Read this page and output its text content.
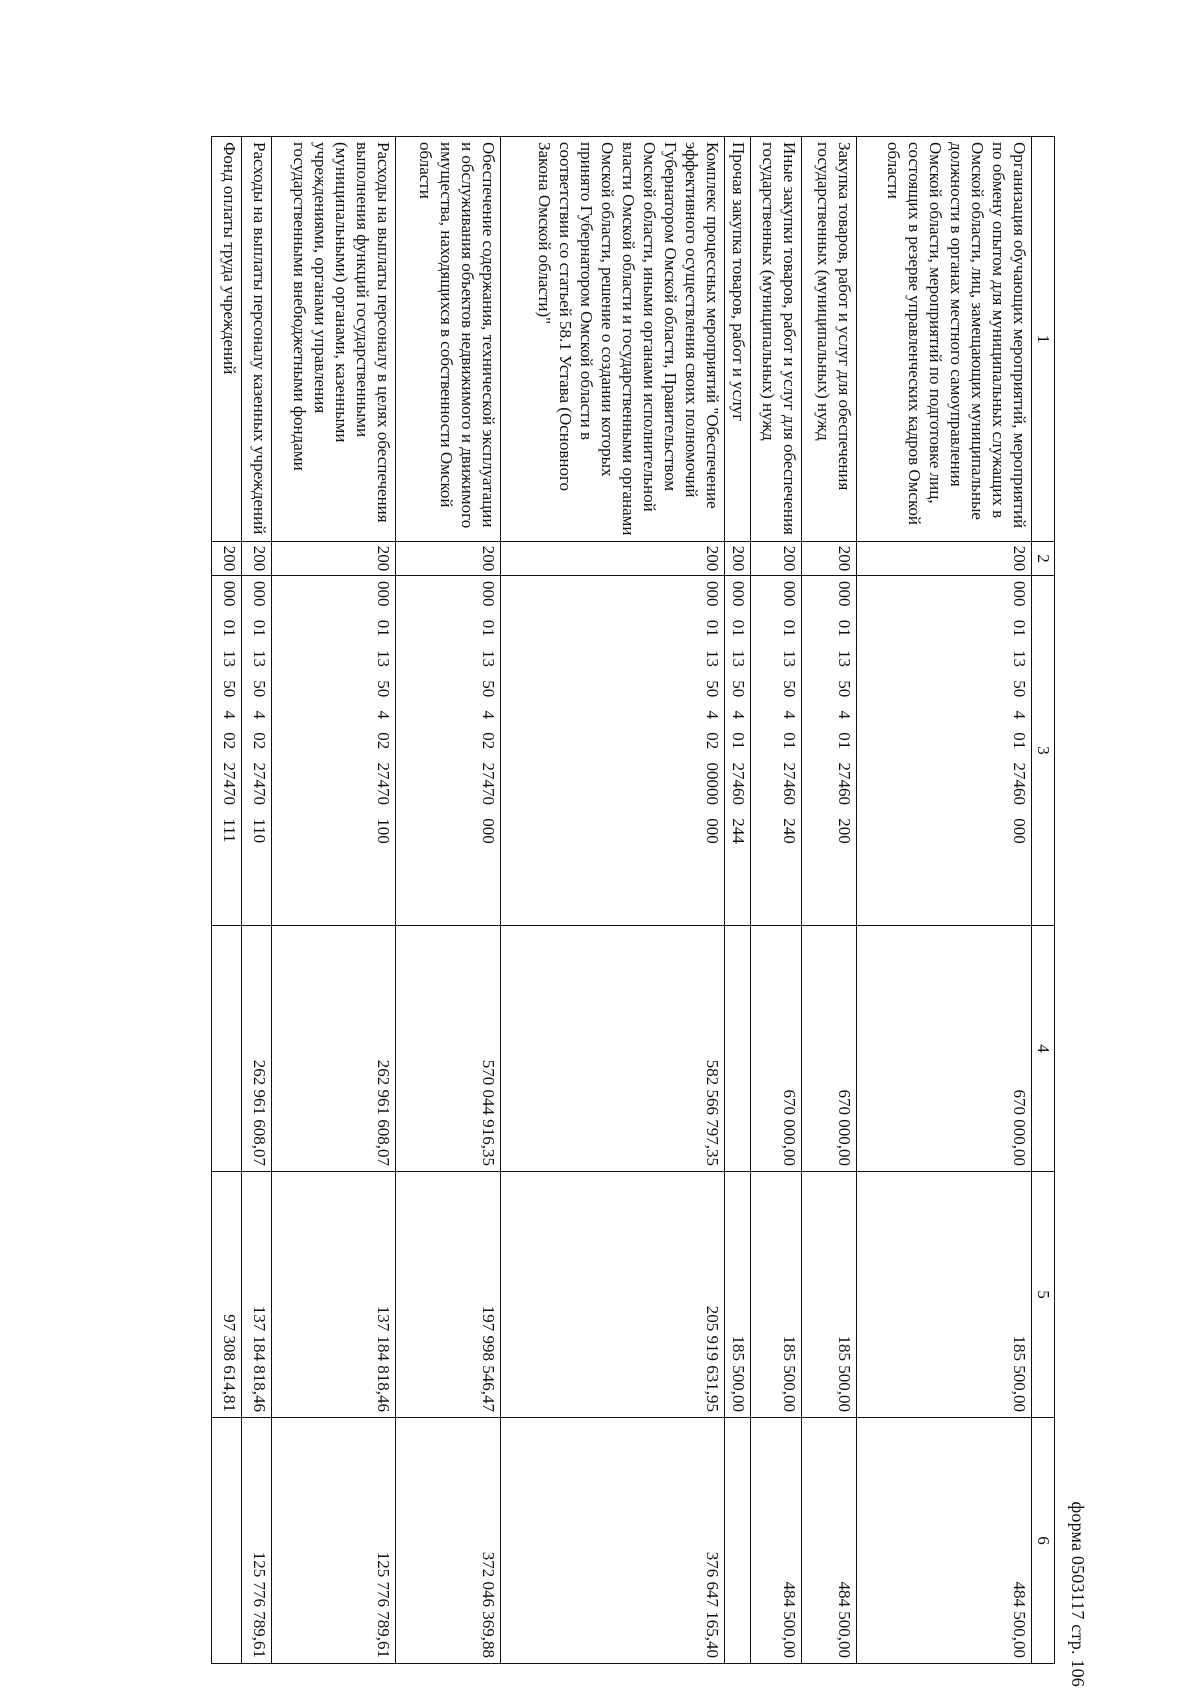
форма 0503117 стр. 106
1	2	3	4	5	6
Организация обучающих мероприятий, мероприятий по обмену опытом для муниципальных служащих в Омской области, лиц, замещающих муниципальные должности в органах местного самоуправления Омской области, мероприятий по подготовке лиц, состоящих в резерве управленческих кадров Омской области	200	000 01 13 50 4 01 27460 000	670 000,00	185 500,00	484 500,00
Закупка товаров, работ и услуг для обеспечения государственных (муниципальных) нужд	200	000 01 13 50 4 01 27460 200	670 000,00	185 500,00	484 500,00
Иные закупки товаров, работ и услуг для обеспечения государственных (муниципальных) нужд	200	000 01 13 50 4 01 27460 240	670 000,00	185 500,00	484 500,00
Прочая закупка товаров, работ и услуг	200	000 01 13 50 4 01 27460 244		185 500,00	
Комплекс процессных мероприятий "Обеспечение эффективного осуществления своих полномочий Губернатором Омской области, Правительством Омской области, иными органами исполнительной власти Омской области и государственными органами Омской области, решение о создании которых принято Губернатором Омской области в соответствии со статьей 58.1 Устава (Основного Закона Омской области)"	200	000 01 13 50 4 02 00000 000	582 566 797,35	205 919 631,95	376 647 165,40
Обеспечение содержания, технической эксплуатации и обслуживания объектов недвижимого и движимого имущества, находящихся в собственности Омской области	200	000 01 13 50 4 02 27470 000	570 044 916,35	197 998 546,47	372 046 369,88
Расходы на выплаты персоналу в целях обеспечения выполнения функций государственными (муниципальными) органами, казенными учреждениями, органами управления государственными внебюджетными фондами	200	000 01 13 50 4 02 27470 100	262 961 608,07	137 184 818,46	125 776 789,61
Расходы на выплаты персоналу казенных учреждений	200	000 01 13 50 4 02 27470 110	262 961 608,07	137 184 818,46	125 776 789,61
Фонд оплаты труда учреждений	200	000 01 13 50 4 02 27470 111		97 308 614,81	
